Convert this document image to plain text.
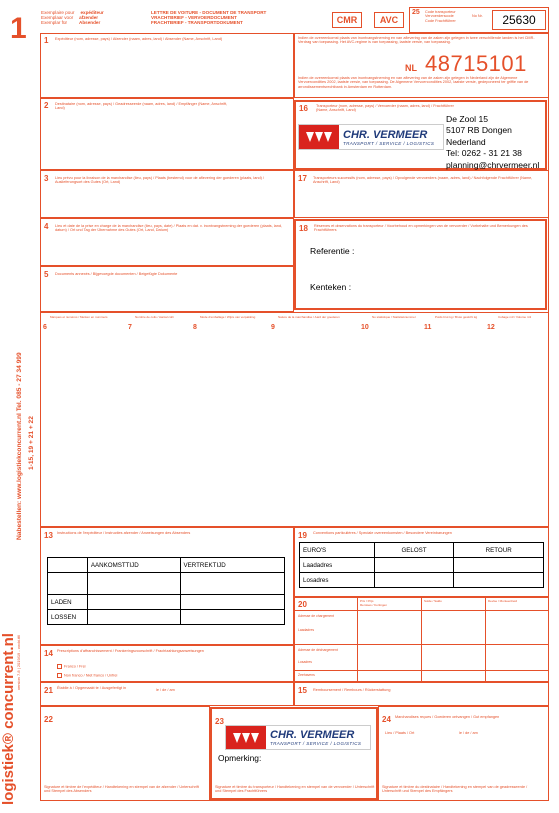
1	Exemplaire pour expéditeur
Exemplaar voor afzender
Exemplar für	Absender
LETTRE DE VOITURE - DOCUMENT DE TRANSPORT
VRACHTBRIEF - VERVOERDOCUMENT
FRACHTBRIEF - TRANSPORTDOKUMENT	CMR	AVC
25 Code transporteur
Vervoerderscode
Code Frachtführer
No Nr.	25630
1 Expéditeur (nom, adresse, pays) / Afzender (naam, adres, land) / Absender (Name, Anschrift, Land)	Indien de overeenkomst plaats van inontvangstneming en van aflevering van de zaken zijn gelegen in twee verschillende landen is het CMR-Verdrag van toepassing. Het AVC-regime is van toepassing, laatste versie, van toepassing.
NL 48715101
Indien de overeenkomst plaats van inontvangstneming en van aflevering van de zaken zijn gelegen in Nederland zijn de Algemene Vervoercondities 2002, laatste versie, van toepassing. De Algemene Vervoercondities 2002, laatste versie, gedeponeerd ter griffie van de arrondissementsrechtbank in Amsterdam en Rotterdam.
2 Destinataire (nom, adresse, pays) / Geadresseerde (naam, adres, land) / Empfänger (Name, Anschrift, Land)	16 Transporteur (nom, adresse, pays) / Vervoerder (naam, adres, land) / Frachtführer (Name, Anschrift, Land)
CHR. VERMEER
TRANSPORT / SERVICE / LOGISTICS
De Zool 15
5107 RB Dongen
Nederland
Tel: 0262 - 31 21 38
planning@chrvermeer.nl
3 Lieu prévu pour la livraison de la marchandise (lieu, pays) / Plaats (bestemd) voor de aflevering der goederen (plaats, land) / Auslieferungsort des Gutes (Ort, Land)	17 Transporteurs successifs (nom, adresse, pays) / Opvolgende vervoerders (naam, adres, land) / Nachfolgende Frachtführer (Name, Anschrift, Land)
4 Lieu et date de la prise en charge de la marchandise (lieu, pays, date) / Plaats en dat. v. inontvangstneming der goederen (plaats, land, datum) / Ort und Tag der Übernahme des Gutes (Ort, Land, Datum)	18 Réserves et observations du transporteur / Voorbehoud en opmerkingen van de vervoerder / Vorbehalte und Bemerkungen des Frachtführers
Referentie :
Kenteken :
5 Documents annexés / Bijgevoegde documenten / Beigefügte Dokumente
6
Marques et numéros / Merken en nummers
7
Nombre de colis / Aantal colli
8
Mode d'emballage / Wijze van verpakking
9
Nature de la marchandise / Aard der goederen
10
No statistique / Statistieknummer
11
Poids brut kg / Bruto gewicht kg
12
Cubage m3 / Volume m3
13 Instructions de l'expéditeur / Instructies afzender / Anweisungen des Absenders
	AANKOMSTTIJD	VERTREKTIJD

LADEN		
LOSSEN		
19 Conventions particulières / Speciale overeenkomsten / Besondere Vereinbarungen
EURO'S	GELOST	RETOUR
Laadadres		
Losadres		
20	Prix / Prijs
Remises / Kortingen
Solde / Saldo	Devise / Munteenheid
Adresse de chargement
Laadadres
Adresse de déchargement
Losadres
Zeehavens
14 Prescriptions d'affranchissement / Frankeringsvoorschrift / Frachtzahlungsanweisungen
Franco / Frei
Non franco / Niet franco / Unfrei
21 Établie à / Opgemaakt te / Ausgefertigt in	le / de / am	15 Remboursement / Rembours / Rückerstattung
22
Signature et timbre de l'expéditeur / Handtekening en stempel van de afzender / Unterschrift und Stempel des Absenders
23
CHR. VERMEER
TRANSPORT / SERVICE / LOGISTICS
Opmerking:
Signature et timbre du transporteur / Handtekening en stempel van de vervoerder / Unterschrift und Stempel des Frachtführers
24 Marchandises reçues / Goederen ontvangen / Gut empfangen
Lieu / Plaats / Ort	le / de / am
Signature et timbre du destinataire / Handtekening en stempel van de geadresseerde / Unterschrift und Stempel des Empfängers
logistiek® concurrent.nl
Nabestellen: www.logistiekconcurrent.nl Tel. 085 - 27 34 999 1-15, 19 + 21 + 22
version 7.8 | 2019/19 - vocki.tfil
